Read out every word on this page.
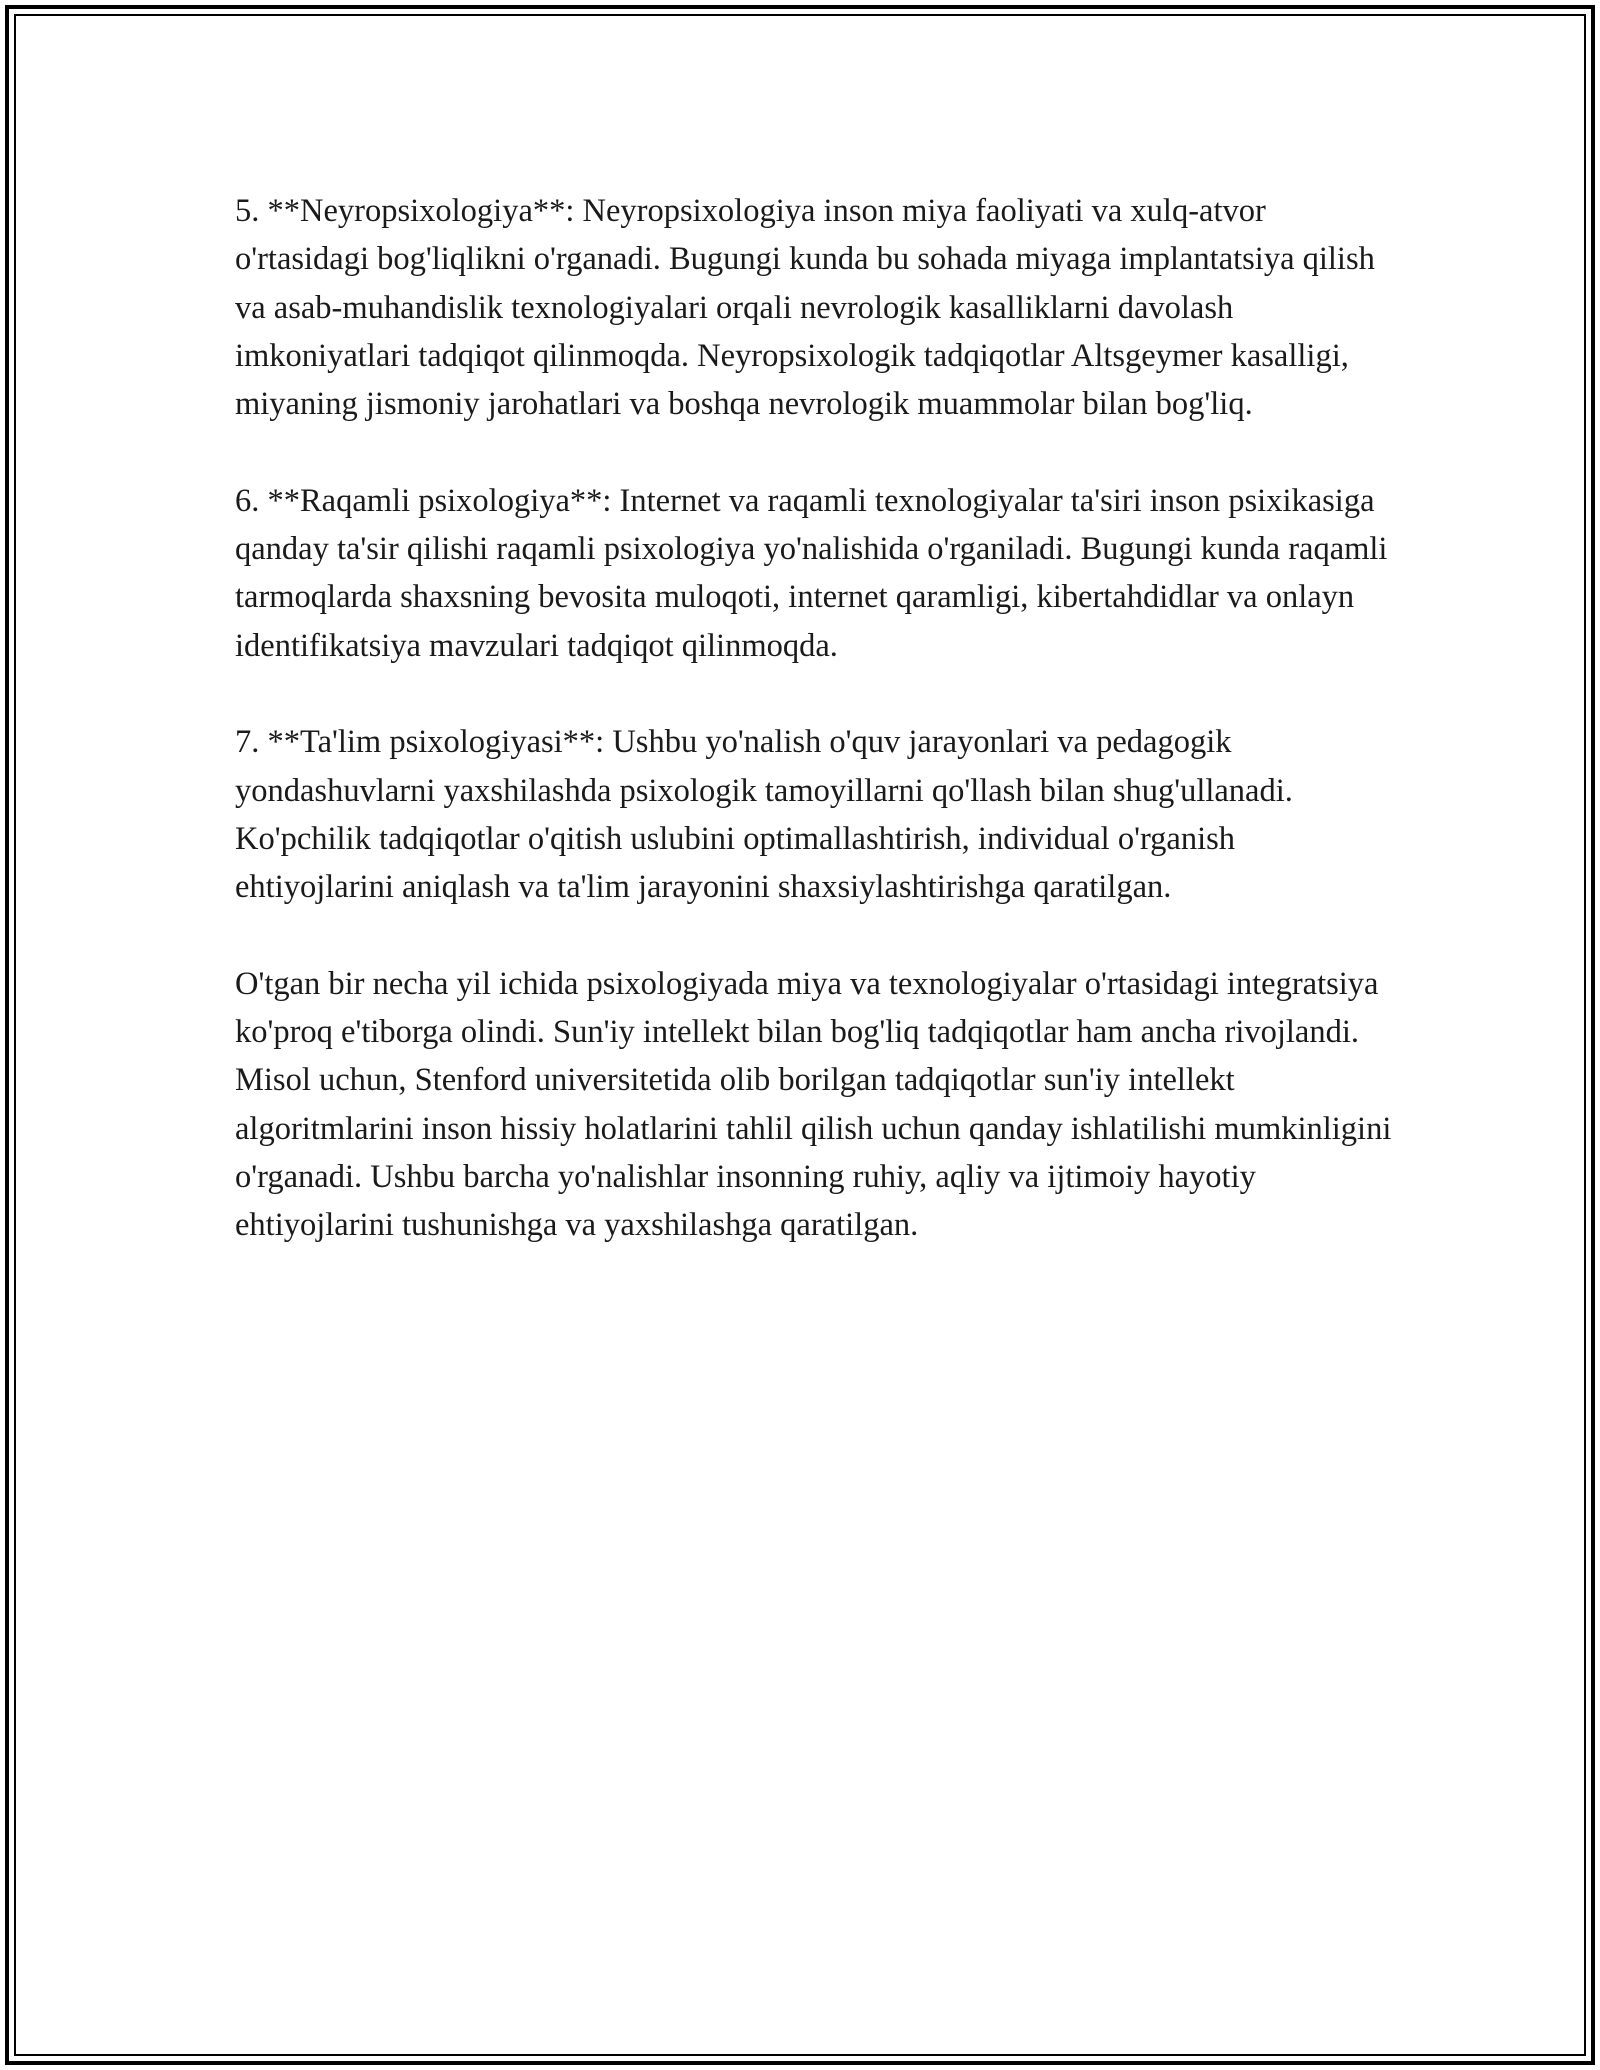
5. **Neyropsixologiya**: Neyropsixologiya inson miya faoliyati va xulq-atvor o'rtasidagi bog'liqlikni o'rganadi. Bugungi kunda bu sohada miyaga implantatsiya qilish va asab-muhandislik texnologiyalari orqali nevrologik kasalliklarni davolash imkoniyatlari tadqiqot qilinmoqda. Neyropsixologik tadqiqotlar Altsgeymer kasalligi, miyaning jismoniy jarohatlari va boshqa nevrologik muammolar bilan bog'liq.

6. **Raqamli psixologiya**: Internet va raqamli texnologiyalar ta'siri inson psixikasiga qanday ta'sir qilishi raqamli psixologiya yo'nalishida o'rganiladi. Bugungi kunda raqamli tarmoqlarda shaxsning bevosita muloqoti, internet qaramligi, kibertahdidlar va onlayn identifikatsiya mavzulari tadqiqot qilinmoqda.

7. **Ta'lim psixologiyasi**: Ushbu yo'nalish o'quv jarayonlari va pedagogik yondashuvlarni yaxshilashda psixologik tamoyillarni qo'llash bilan shug'ullanadi. Ko'pchilik tadqiqotlar o'qitish uslubini optimallashtirish, individual o'rganish ehtiyojlarini aniqlash va ta'lim jarayonini shaxsiylashtirishga qaratilgan.

O'tgan bir necha yil ichida psixologiyada miya va texnologiyalar o'rtasidagi integratsiya ko'proq e'tiborga olindi. Sun'iy intellekt bilan bog'liq tadqiqotlar ham ancha rivojlandi. Misol uchun, Stenford universitetida olib borilgan tadqiqotlar sun'iy intellekt algoritmlarini inson hissiy holatlarini tahlil qilish uchun qanday ishlatilishi mumkinligini o'rganadi. Ushbu barcha yo'nalishlar insonning ruhiy, aqliy va ijtimoiy hayotiy ehtiyojlarini tushunishga va yaxshilashga qaratilgan.
